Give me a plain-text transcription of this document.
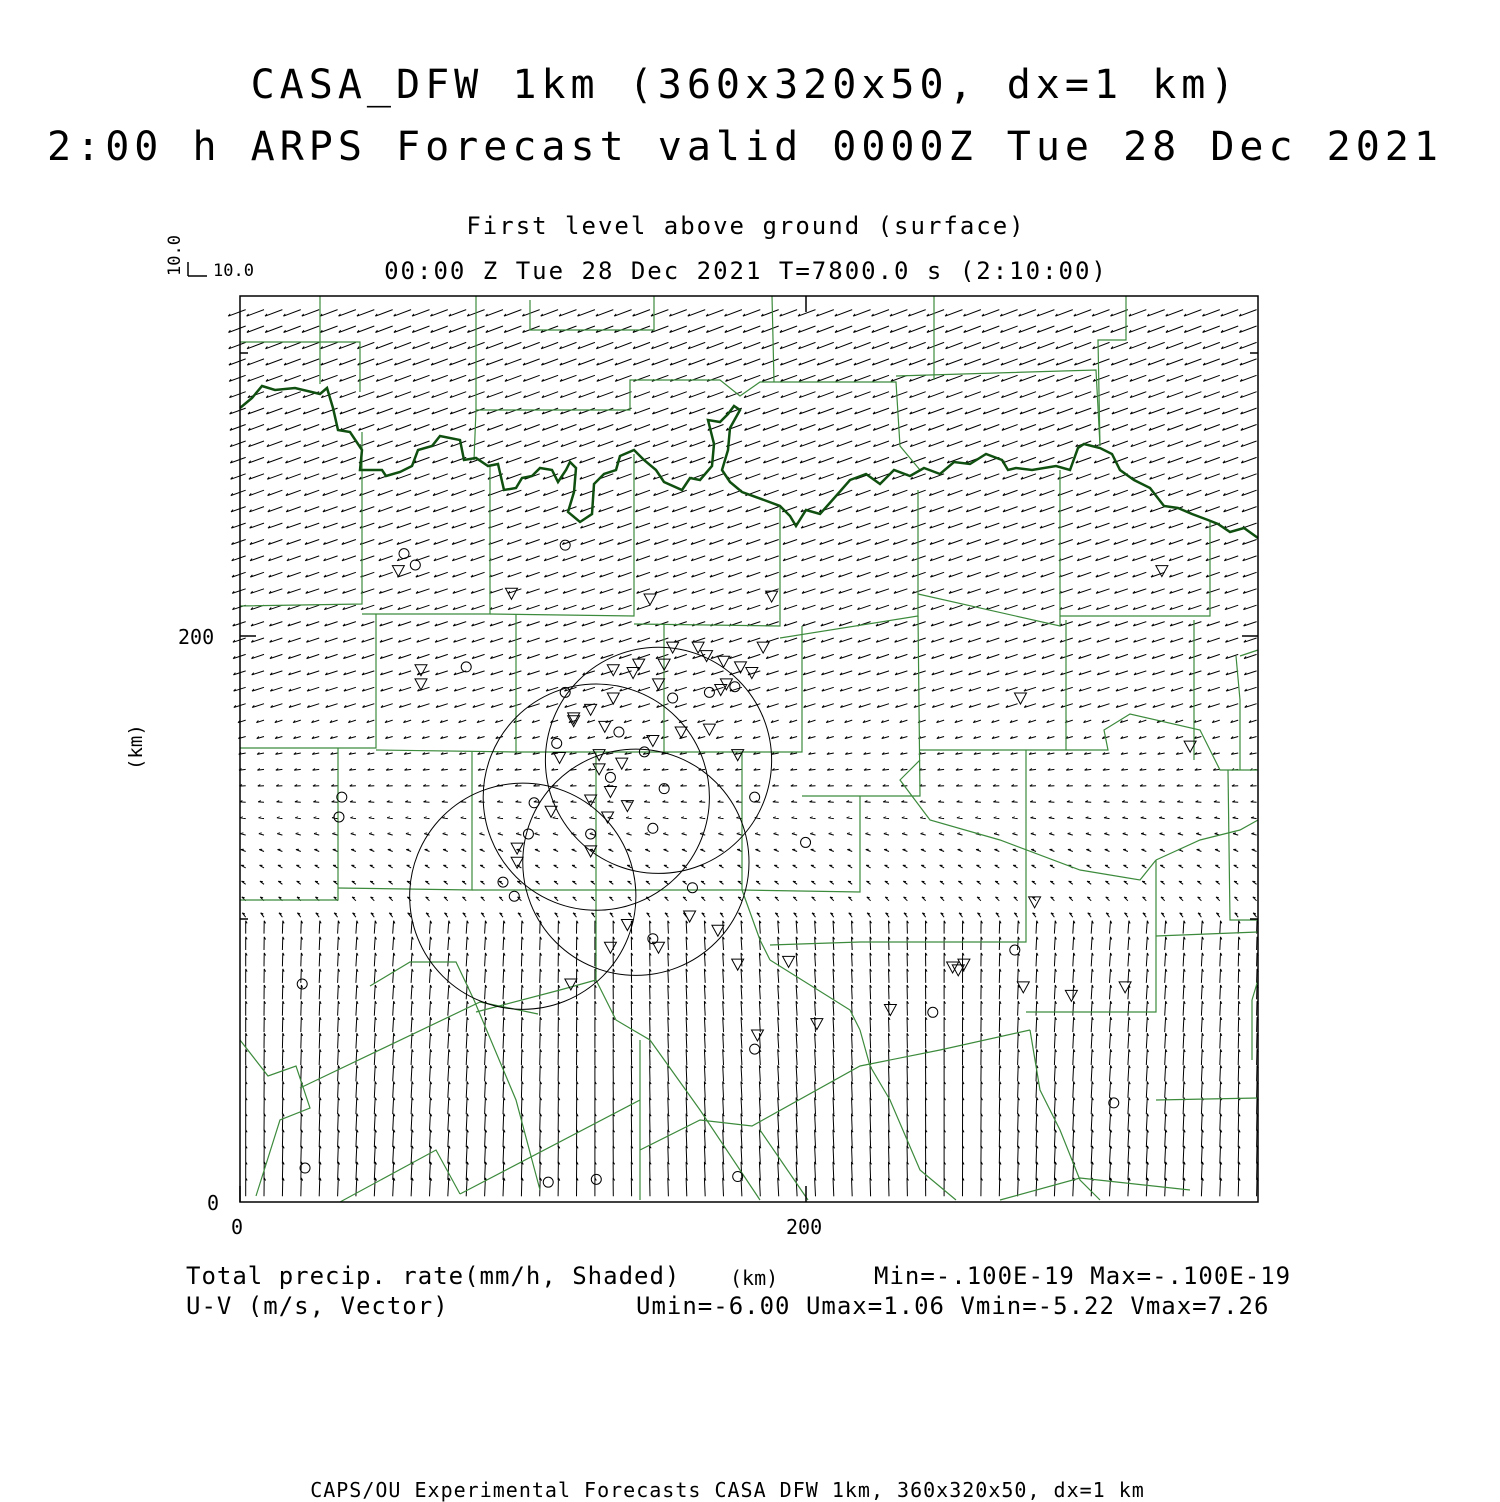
CASA_DFW 1km (360x320x50, dx=1 km)
2:00 h ARPS Forecast valid 0000Z Tue 28 Dec 2021
First level above ground (surface)
00:00 Z Tue 28 Dec 2021 T=7800.0 s (2:10:00)
10.0
10.0
0	200
0
200
(km)
Total precip. rate(mm/h, Shaded) (km)	Min=-.100E-19 Max=-.100E-19
U-V (m/s, Vector)	Umin=-6.00 Umax=1.06 Vmin=-5.22 Vmax=7.26
CAPS/OU Experimental Forecasts CASA DFW 1km, 360x320x50, dx=1 km
